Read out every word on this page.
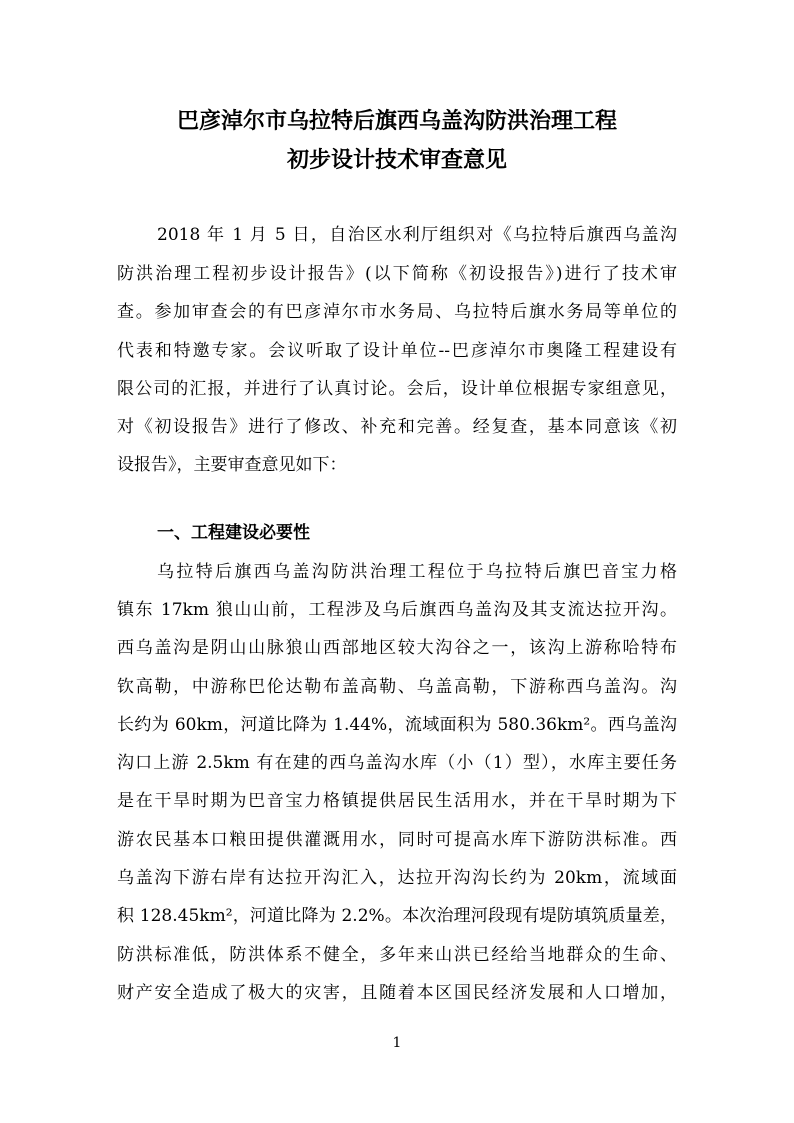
巴彦淖尔市乌拉特后旗西乌盖沟防洪治理工程
初步设计技术审查意见

2018 年 1 月 5 日，自治区水利厅组织对《乌拉特后旗西乌盖沟

防洪治理工程初步设计报告》(以下简称《初设报告》)进行了技术审

查。参加审查会的有巴彦淖尔市水务局、乌拉特后旗水务局等单位的

代表和特邀专家。会议听取了设计单位--巴彦淖尔市奥隆工程建设有

限公司的汇报，并进行了认真讨论。会后，设计单位根据专家组意见，

对《初设报告》进行了修改、补充和完善。经复查，基本同意该《初

设报告》，主要审查意见如下：

一、工程建设必要性

乌拉特后旗西乌盖沟防洪治理工程位于乌拉特后旗巴音宝力格

镇东 17km 狼山山前，工程涉及乌后旗西乌盖沟及其支流达拉开沟。

西乌盖沟是阴山山脉狼山西部地区较大沟谷之一，该沟上游称哈特布

钦高勒，中游称巴伦达勒布盖高勒、乌盖高勒，下游称西乌盖沟。沟

长约为 60km，河道比降为 1.44%，流域面积为 580.36km²。西乌盖沟

沟口上游 2.5km 有在建的西乌盖沟水库（小（1）型），水库主要任务

是在干旱时期为巴音宝力格镇提供居民生活用水，并在干旱时期为下

游农民基本口粮田提供灌溉用水，同时可提高水库下游防洪标准。西

乌盖沟下游右岸有达拉开沟汇入，达拉开沟沟长约为 20km，流域面

积 128.45km²，河道比降为 2.2%。本次治理河段现有堤防填筑质量差，

防洪标准低，防洪体系不健全，多年来山洪已经给当地群众的生命、

财产安全造成了极大的灾害，且随着本区国民经济发展和人口增加，

1
